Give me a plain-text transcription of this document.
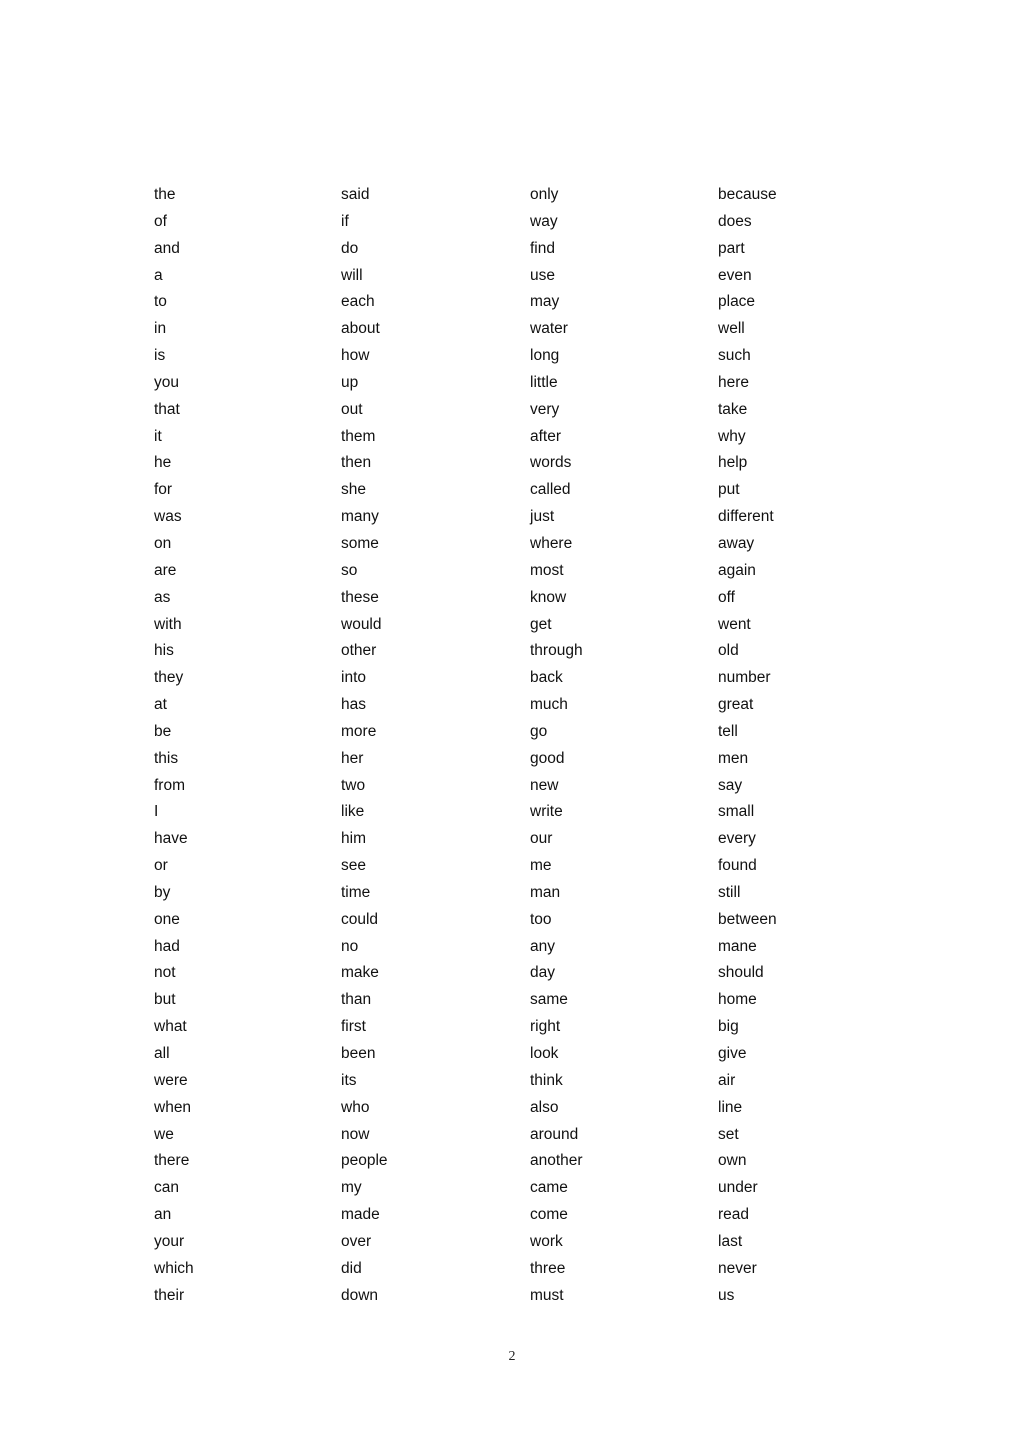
the
of
and
a
to
in
is
you
that
it
he
for
was
on
are
as
with
his
they
at
be
this
from
I
have
or
by
one
had
not
but
what
all
were
when
we
there
can
an
your
which
their
said
if
do
will
each
about
how
up
out
them
then
she
many
some
so
these
would
other
into
has
more
her
two
like
him
see
time
could
no
make
than
first
been
its
who
now
people
my
made
over
did
down
only
way
find
use
may
water
long
little
very
after
words
called
just
where
most
know
get
through
back
much
go
good
new
write
our
me
man
too
any
day
same
right
look
think
also
around
another
came
come
work
three
must
because
does
part
even
place
well
such
here
take
why
help
put
different
away
again
off
went
old
number
great
tell
men
say
small
every
found
still
between
mane
should
home
big
give
air
line
set
own
under
read
last
never
us
2
